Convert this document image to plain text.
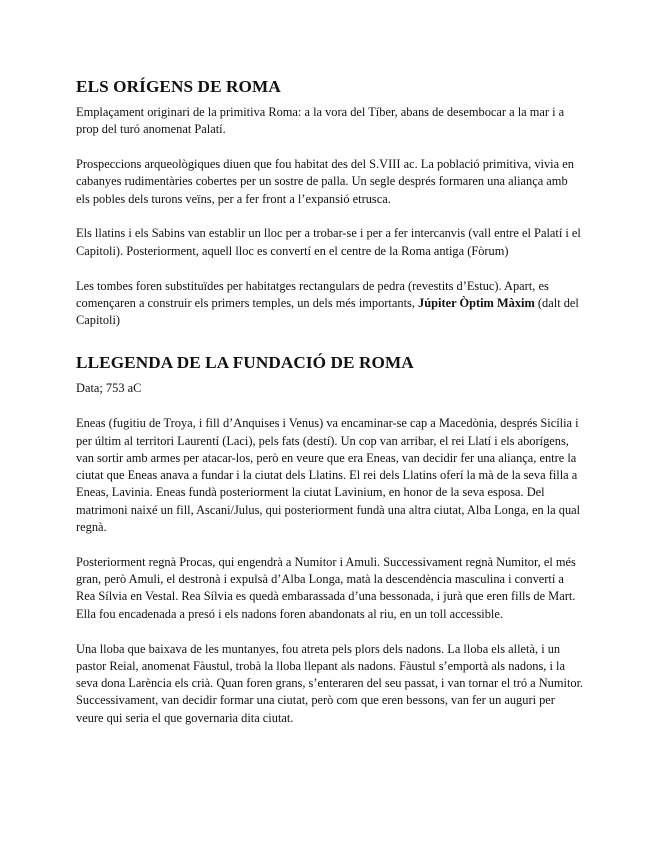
ELS ORÍGENS DE ROMA

Emplaçament originari de la primitiva Roma: a la vora del Tíber, abans de desembocar a la mar i a prop del turó anomenat Palatí.

Prospeccions arqueològiques diuen que fou habitat des del S.VIII ac. La població primitiva, vivia en cabanyes rudimentàries cobertes per un sostre de palla. Un segle després formaren una aliança amb els pobles dels turons veïns, per a fer front a l’expansió etrusca.

Els llatins i els Sabins van establir un lloc per a trobar-se i per a fer intercanvis (vall entre el Palatí i el Capitoli). Posteriorment, aquell lloc es convertí en el centre de la Roma antiga (Fòrum)

Les tombes foren substituïdes per habitatges rectangulars de pedra (revestits d’Estuc). Apart, es començaren a construir els primers temples, un dels més importants, Júpiter Òptim Màxim (dalt del Capitoli)

LLEGENDA DE LA FUNDACIÓ DE ROMA

Data; 753 aC

Eneas (fugitiu de Troya, i fill d’Anquises i Venus) va encaminar-se cap a Macedònia, després Sicília i per últim al territori Laurentí (Laci), pels fats (destí). Un cop van arribar, el rei Llatí i els aborígens, van sortir amb armes per atacar-los, però en veure que era Eneas, van decidir fer una aliança, entre la ciutat que Eneas anava a fundar i la ciutat dels Llatins. El rei dels Llatins oferí la mà de la seva filla a Eneas, Lavinia. Eneas fundà posteriorment la ciutat Lavinium, en honor de la seva esposa. Del matrimoni naixé un fill, Ascani/Julus, qui posteriorment fundà una altra ciutat, Alba Longa, en la qual regnà.

Posteriorment regnà Procas, qui engendrà a Numitor i Amuli. Successivament regnà Numitor, el més gran, però Amuli, el destronà i expulsà d’Alba Longa, matà la descendència masculina i convertí a Rea Sílvia en Vestal. Rea Sílvia es quedà embarassada d’una bessonada, i jurà que eren fills de Mart. Ella fou encadenada a presó i els nadons foren abandonats al riu, en un toll accessible.

Una lloba que baixava de les muntanyes, fou atreta pels plors dels nadons. La lloba els alletà, i un pastor Reial, anomenat Fàustul, trobà la lloba llepant als nadons. Fàustul s’emportà als nadons, i la seva dona Larència els crià. Quan foren grans, s’enteraren del seu passat, i van tornar el tró a Numitor. Successivament, van decidir formar una ciutat, però com que eren bessons, van fer un auguri per veure qui seria el que governaria dita ciutat.
